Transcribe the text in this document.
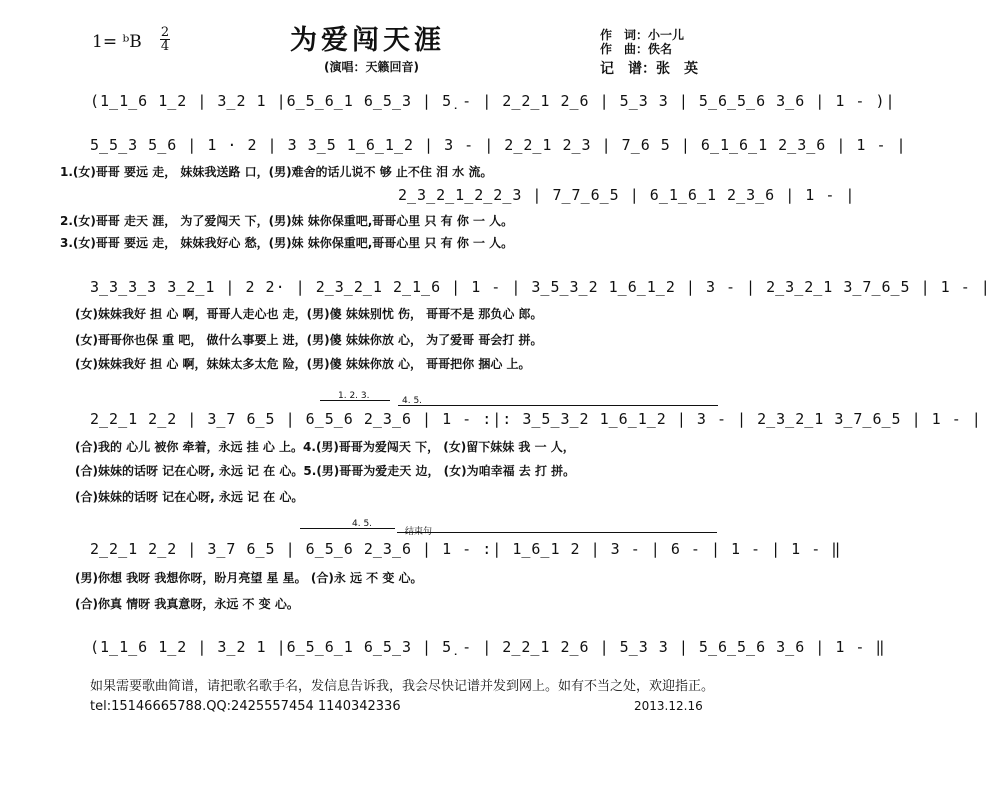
为爱闯天涯
1= ᵇB 2
4
(演唱：天籁回音)
作　词：小一儿
作　曲：佚名
记　谱：张　英
(1̲1̲6 1̲2 | 3̲2 1 |6̲5̲6̲1 6̲5̲3 | 5̣ - | 2̲2̲1 2̲6 | 5̲3 3 | 5̲6̲5̲6 3̲6 | 1 - )|
5̲5̲3 5̲6 | 1 · 2 | 3 3̲5 1̲6̲1̲2 | 3 - | 2̲2̲1 2̲3 | 7̲6 5 | 6̲1̲6̲1 2̲3̲6 | 1 - |
1.(女)哥哥 要远 走， 妹妹我送路 口，(男)难舍的话儿说不 够 止不住 泪 水 流。
2̲3̲2̲1̲2̲2̲3 | 7̲7̲6̲5 | 6̲1̲6̲1 2̲3̲6 | 1 - |
2.(女)哥哥 走天 涯， 为了爱闯天 下，(男)妹 妹你保重吧,哥哥心里 只 有 你 一 人。
3.(女)哥哥 要远 走， 妹妹我好心 愁，(男)妹 妹你保重吧,哥哥心里 只 有 你 一 人。
3̲3̲3̲3 3̲2̲1 | 2 2· | 2̲3̲2̲1 2̲1̲6 | 1 - | 3̲5̲3̲2 1̲6̲1̲2 | 3 - | 2̲3̲2̲1 3̲7̲6̲5 | 1 - |
(女)妹妹我好 担 心 啊，哥哥人走心也 走，(男)傻 妹妹别忧 伤， 哥哥不是 那负心 郎。
(女)哥哥你也保 重 吧， 做什么事要上 进，(男)傻 妹妹你放 心， 为了爱哥 哥会打 拼。
(女)妹妹我好 担 心 啊，妹妹太多太危 险，(男)傻 妹妹你放 心， 哥哥把你 捆心 上。
1. 2. 3.	4. 5.
2̲2̲1 2̲2 | 3̲7 6̲5 | 6̲5̲6 2̲3̲6 | 1 - :|: 3̲5̲3̲2 1̲6̲1̲2 | 3 - | 2̲3̲2̲1 3̲7̲6̲5 | 1 - |
(合)我的 心儿 被你 牵着，永远 挂 心 上。4.(男)哥哥为爱闯天 下， (女)留下妹妹 我 一 人，
(合)妹妹的话呀 记在心呀, 永远 记 在 心。5.(男)哥哥为爱走天 边， (女)为咱幸福 去 打 拼。
(合)妹妹的话呀 记在心呀, 永远 记 在 心。
4. 5.
结束句
2̲2̲1 2̲2 | 3̲7 6̲5 | 6̲5̲6 2̲3̲6 | 1 - :| 1̲6̲1 2 | 3 - | 6 - | 1 - | 1 - ‖
(男)你想 我呀 我想你呀，盼月亮望 星 星。 (合)永 远 不 变 心。
(合)你真 情呀 我真意呀，永远 不 变 心。
(1̲1̲6 1̲2 | 3̲2 1 |6̲5̲6̲1 6̲5̲3 | 5̣ - | 2̲2̲1 2̲6 | 5̲3 3 | 5̲6̲5̲6 3̲6 | 1 - ‖
如果需要歌曲简谱，请把歌名歌手名，发信息告诉我，我会尽快记谱并发到网上。如有不当之处，欢迎指正。tel:15146665788.QQ:2425557454 1140342336	2013.12.16
